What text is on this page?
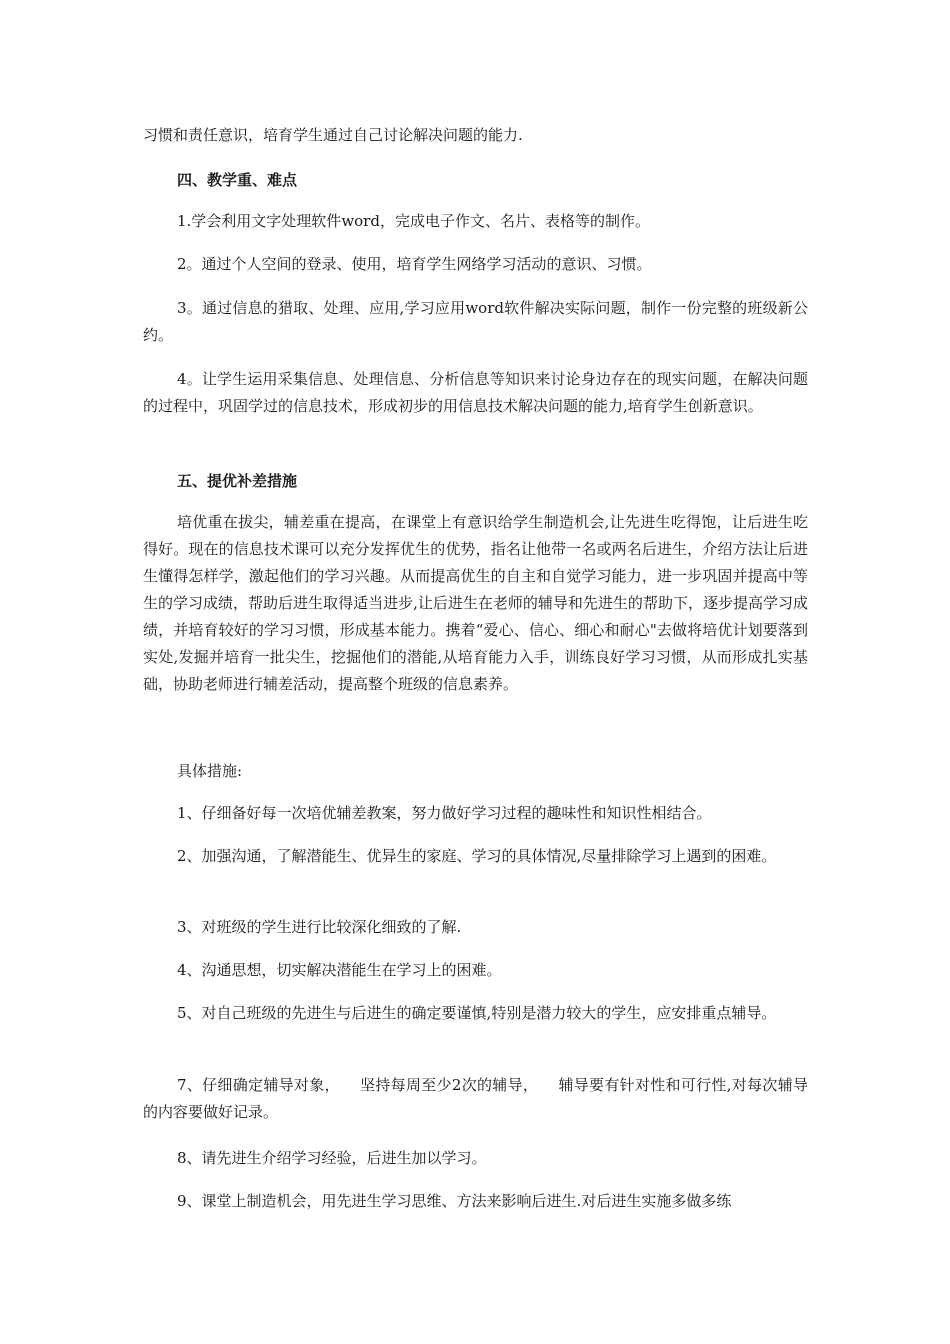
习惯和责任意识，培育学生通过自己讨论解决问题的能力.

四、教学重、难点

1.学会利用文字处理软件word，完成电子作文、名片、表格等的制作。

2。通过个人空间的登录、使用，培育学生网络学习活动的意识、习惯。

3。通过信息的猎取、处理、应用,学习应用word软件解决实际问题，制作一份完整的班级新公约。

4。让学生运用采集信息、处理信息、分析信息等知识来讨论身边存在的现实问题，在解决问题的过程中，巩固学过的信息技术，形成初步的用信息技术解决问题的能力,培育学生创新意识。

五、提优补差措施

培优重在拔尖，辅差重在提高，在课堂上有意识给学生制造机会,让先进生吃得饱，让后进生吃得好。现在的信息技术课可以充分发挥优生的优势，指名让他带一名或两名后进生，介绍方法让后进生懂得怎样学，激起他们的学习兴趣。从而提高优生的自主和自觉学习能力，进一步巩固并提高中等生的学习成绩，帮助后进生取得适当进步,让后进生在老师的辅导和先进生的帮助下，逐步提高学习成绩，并培育较好的学习习惯，形成基本能力。携着“爱心、信心、细心和耐心"去做将培优计划要落到实处,发掘并培育一批尖生，挖掘他们的潜能,从培育能力入手，训练良好学习习惯，从而形成扎实基础，协助老师进行辅差活动，提高整个班级的信息素养。

具体措施:

1、仔细备好每一次培优辅差教案，努力做好学习过程的趣味性和知识性相结合。

2、加强沟通，了解潜能生、优异生的家庭、学习的具体情况,尽量排除学习上遇到的困难。

3、对班级的学生进行比较深化细致的了解.

4、沟通思想，切实解决潜能生在学习上的困难。

5、对自己班级的先进生与后进生的确定要谨慎,特别是潜力较大的学生，应安排重点辅导。

7、仔细确定辅导对象，    坚持每周至少2次的辅导，    辅导要有针对性和可行性,对每次辅导的内容要做好记录。

8、请先进生介绍学习经验，后进生加以学习。

9、课堂上制造机会，用先进生学习思维、方法来影响后进生.对后进生实施多做多练
